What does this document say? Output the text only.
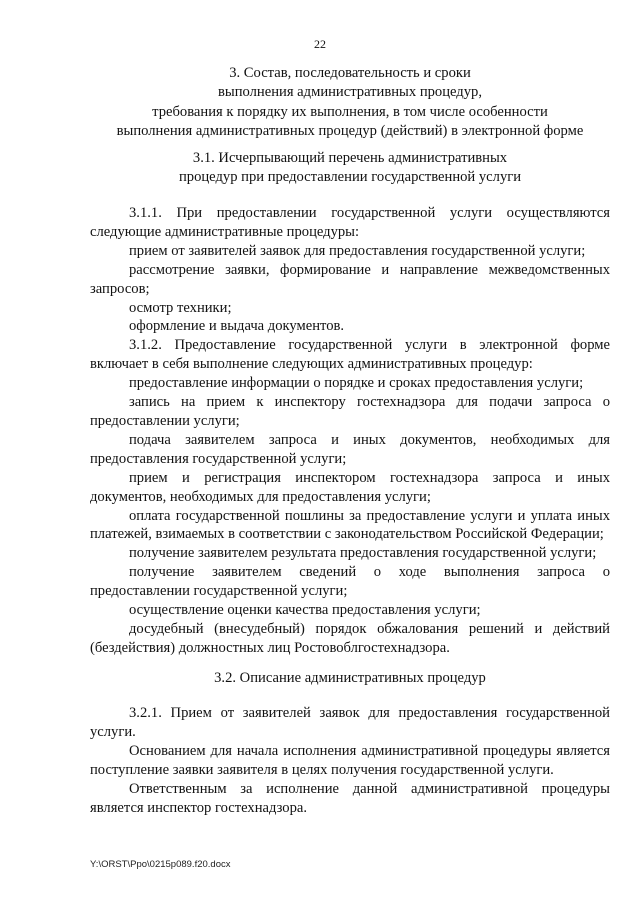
22
3. Состав, последовательность и сроки
выполнения административных процедур,
требования к порядку их выполнения, в том числе особенности
выполнения административных процедур (действий) в электронной форме
3.1. Исчерпывающий перечень административных
процедур при предоставлении государственной услуги

3.1.1. При предоставлении государственной услуги осуществляются следующие административные процедуры:

прием от заявителей заявок для предоставления государственной услуги;

рассмотрение заявки, формирование и направление межведомственных запросов;

осмотр техники;

оформление и выдача документов.

3.1.2. Предоставление государственной услуги в электронной форме включает в себя выполнение следующих административных процедур:

предоставление информации о порядке и сроках предоставления услуги;

запись на прием к инспектору гостехнадзора для подачи запроса о предоставлении услуги;

подача заявителем запроса и иных документов, необходимых для предоставления государственной услуги;

прием и регистрация инспектором гостехнадзора запроса и иных документов, необходимых для предоставления услуги;

оплата государственной пошлины за предоставление услуги и уплата иных платежей, взимаемых в соответствии с законодательством Российской Федерации;

получение заявителем результата предоставления государственной услуги;

получение заявителем сведений о ходе выполнения запроса о предоставлении государственной услуги;

осуществление оценки качества предоставления услуги;

досудебный (внесудебный) порядок обжалования решений и действий (бездействия) должностных лиц Ростовоблгостехнадзора.

3.2. Описание административных процедур

3.2.1. Прием от заявителей заявок для предоставления государственной услуги.

Основанием для начала исполнения административной процедуры является поступление заявки заявителя в целях получения государственной услуги.

Ответственным за исполнение данной административной процедуры является инспектор гостехнадзора.

Y:\ORST\Ppo\0215p089.f20.docx
